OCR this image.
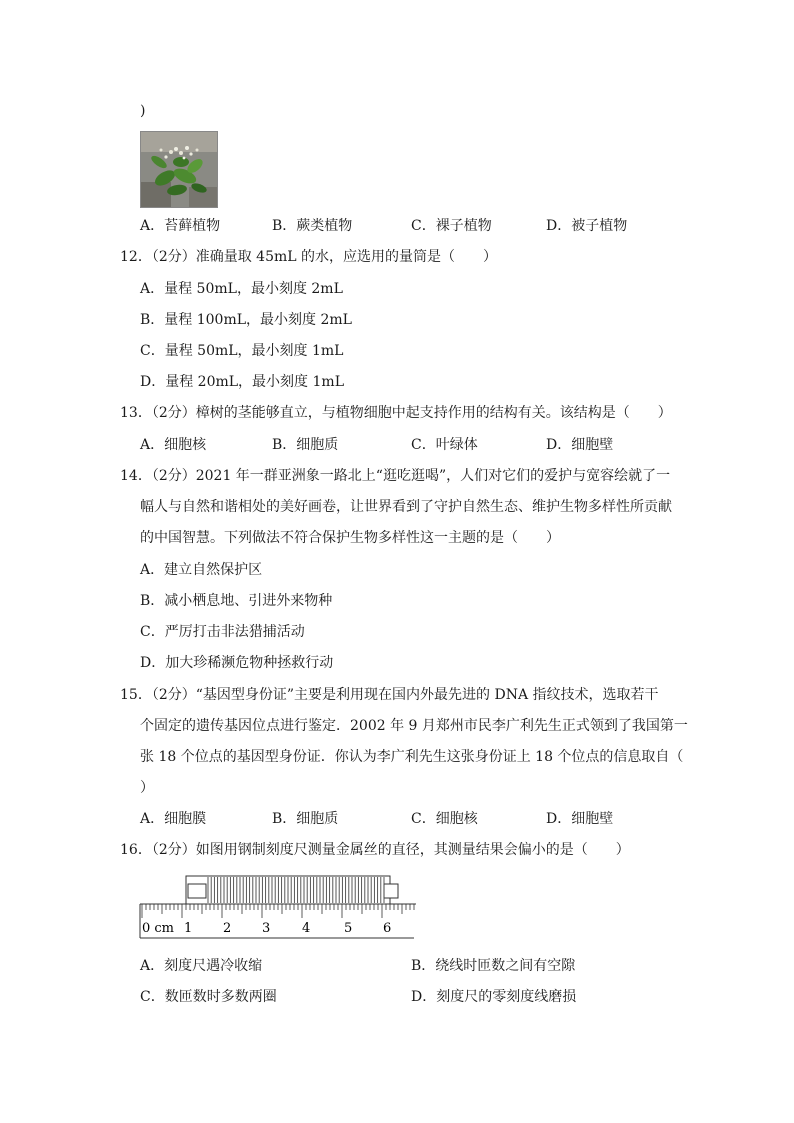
)
A．苔藓植物	B．蕨类植物	C．裸子植物	D．被子植物
12．（2分）准确量取 45mL 的水，应选用的量筒是（　　）
A．量程 50mL，最小刻度 2mL
B．量程 100mL，最小刻度 2mL
C．量程 50mL，最小刻度 1mL
D．量程 20mL，最小刻度 1mL
13．（2分）樟树的茎能够直立，与植物细胞中起支持作用的结构有关。该结构是（　　）
A．细胞核	B．细胞质	C．叶绿体	D．细胞壁
14．（2分）2021 年一群亚洲象一路北上“逛吃逛喝”，人们对它们的爱护与宽容绘就了一
幅人与自然和谐相处的美好画卷，让世界看到了守护自然生态、维护生物多样性所贡献
的中国智慧。下列做法不符合保护生物多样性这一主题的是（　　）
A．建立自然保护区
B．减小栖息地、引进外来物种
C．严厉打击非法猎捕活动
D．加大珍稀濒危物种拯救行动
15．（2分）“基因型身份证”主要是利用现在国内外最先进的 DNA 指纹技术，选取若干
个固定的遗传基因位点进行鉴定．2002 年 9 月郑州市民李广利先生正式领到了我国第一
张 18 个位点的基因型身份证．你认为李广利先生这张身份证上 18 个位点的信息取自（
）
A．细胞膜	B．细胞质	C．细胞核	D．细胞壁
16．（2分）如图用钢制刻度尺测量金属丝的直径，其测量结果会偏小的是（　　）
0 cm 1 2 3 4	5 6
A．刻度尺遇冷收缩	B．绕线时匝数之间有空隙
C．数匝数时多数两圈	D．刻度尺的零刻度线磨损
